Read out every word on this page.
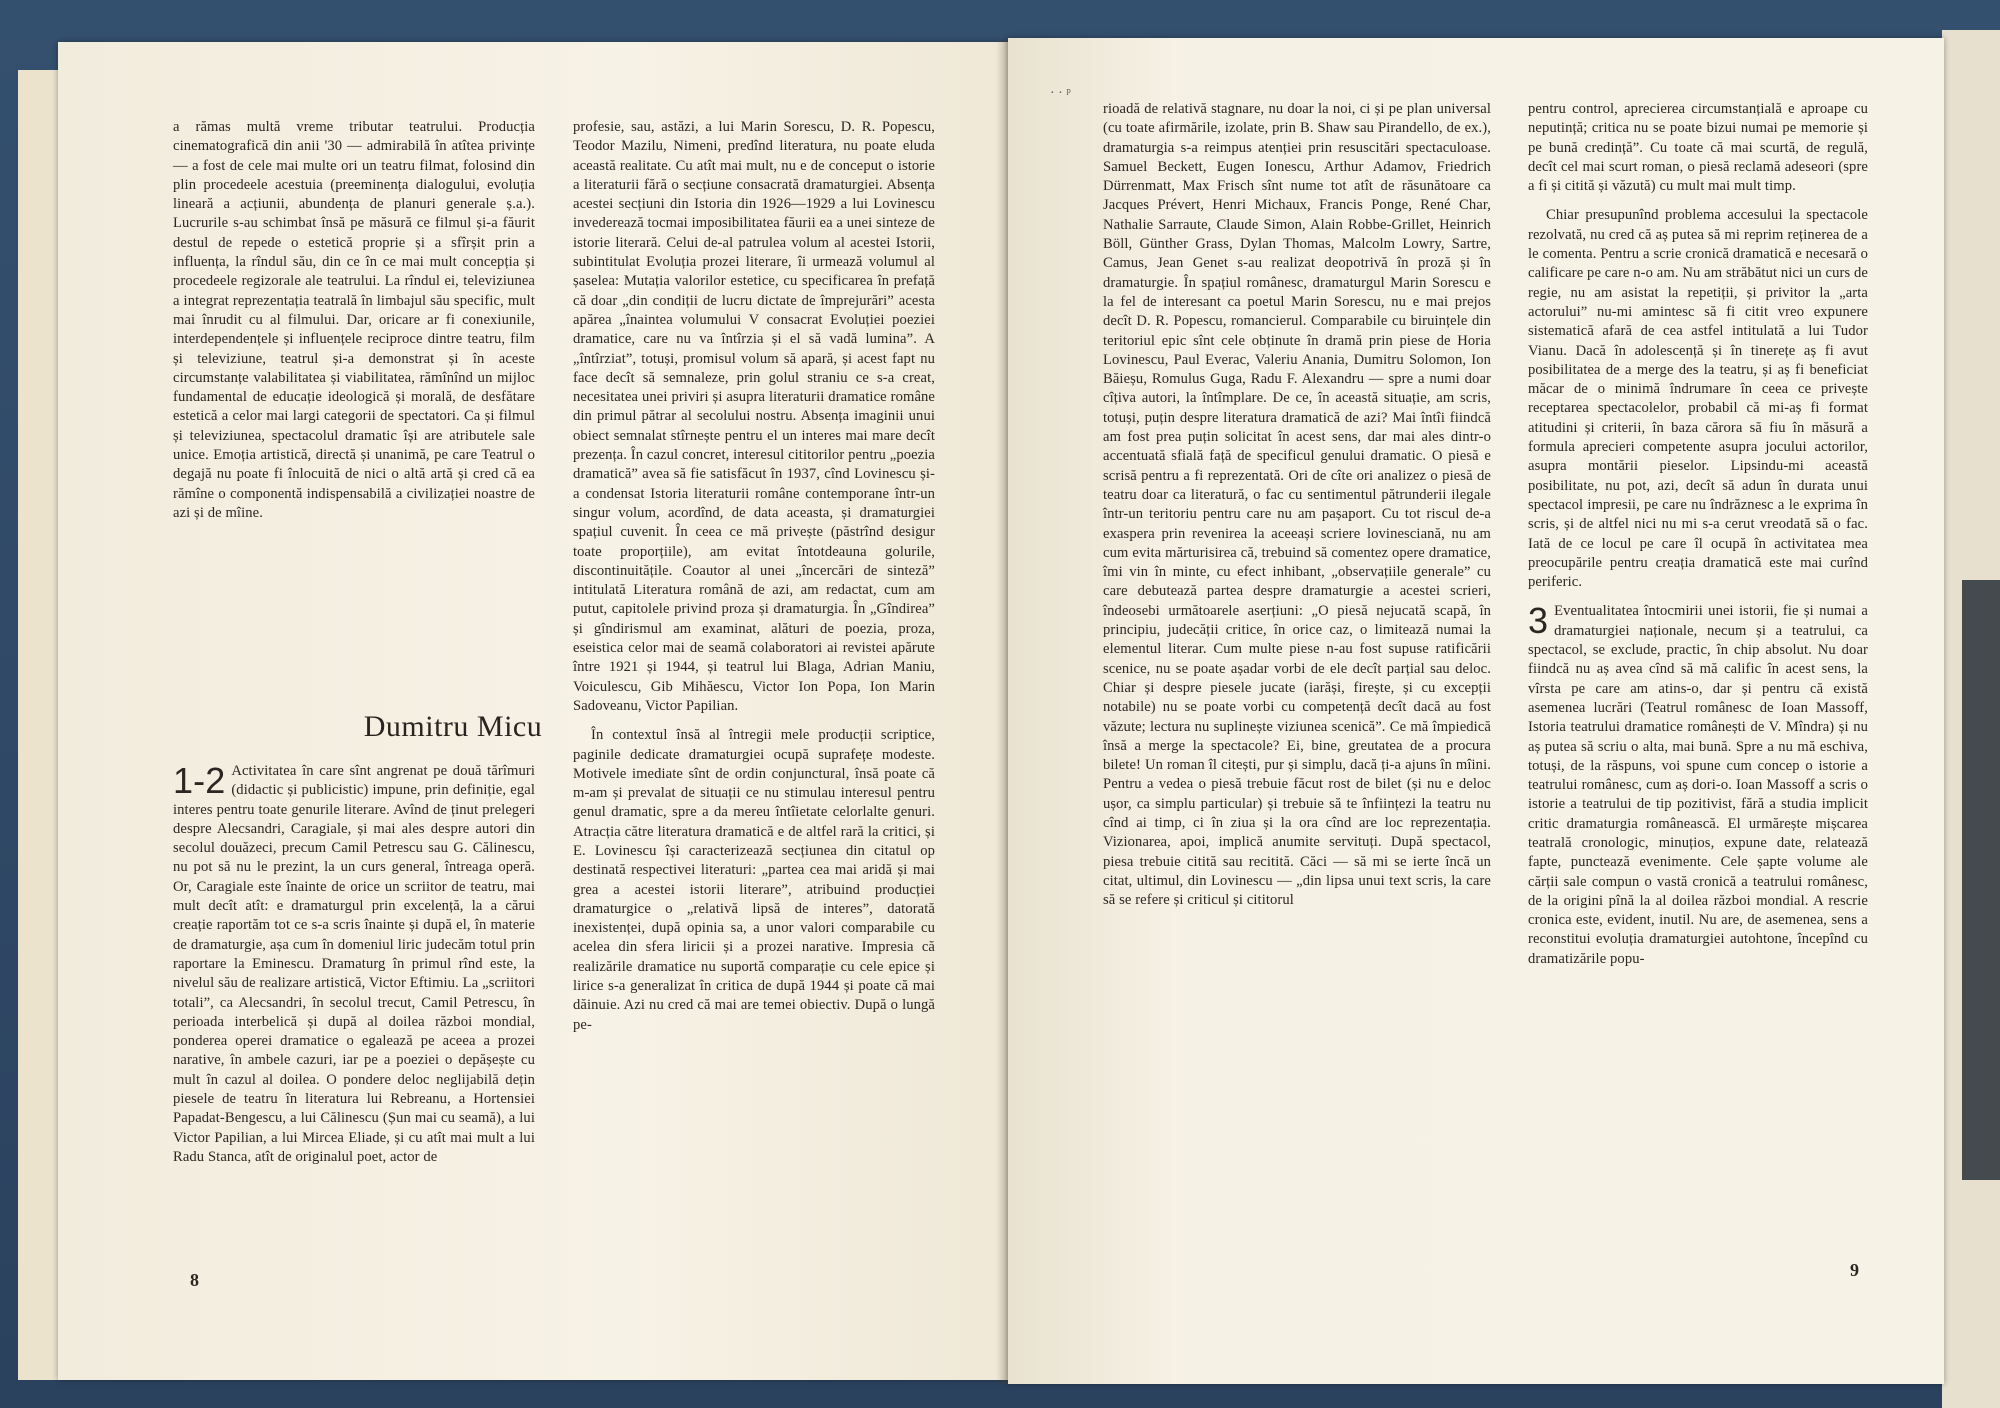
a rămas multă vreme tributar teatrului. Producția cinematografică din anii '30 — admirabilă în atîtea privințe — a fost de cele mai multe ori un teatru filmat, folosind din plin procedeele acestuia (preeminența dialogului, evoluția lineară a acțiunii, abundența de planuri generale ș.a.). Lucrurile s-au schimbat însă pe măsură ce filmul și-a făurit destul de repede o estetică proprie și a sfîrșit prin a influența, la rîndul său, din ce în ce mai mult concepția și procedeele regizorale ale teatrului. La rîndul ei, televiziunea a integrat reprezentația teatrală în limbajul său specific, mult mai înrudit cu al filmului. Dar, oricare ar fi conexiunile, interdependențele și influențele reciproce dintre teatru, film și televiziune, teatrul și-a demonstrat și în aceste circumstanțe valabilitatea și viabilitatea, rămînînd un mijloc fundamental de educație ideologică și morală, de desfătare estetică a celor mai largi categorii de spectatori. Ca și filmul și televiziunea, spectacolul dramatic își are atributele sale unice. Emoția artistică, directă și unanimă, pe care Teatrul o degajă nu poate fi înlocuită de nici o altă artă și cred că ea rămîne o componentă indispensabilă a civilizației noastre de azi și de mîine.

Dumitru Micu

1-2 Activitatea în care sînt angrenat pe două tărîmuri (didactic și publicistic) impune, prin definiție, egal interes pentru toate genurile literare. Avînd de ținut prelegeri despre Alecsandri, Caragiale, și mai ales despre autori din secolul douăzeci, precum Camil Petrescu sau G. Călinescu, nu pot să nu le prezint, la un curs general, întreaga operă. Or, Caragiale este înainte de orice un scriitor de teatru, mai mult decît atît: e dramaturgul prin excelență, la a cărui creație raportăm tot ce s-a scris înainte și după el, în materie de dramaturgie, așa cum în domeniul liric judecăm totul prin raportare la Eminescu. Dramaturg în primul rînd este, la nivelul său de realizare artistică, Victor Eftimiu. La „scriitori totali”, ca Alecsandri, în secolul trecut, Camil Petrescu, în perioada interbelică și după al doilea război mondial, ponderea operei dramatice o egalează pe aceea a prozei narative, în ambele cazuri, iar pe a poeziei o depășește cu mult în cazul al doilea. O pondere deloc neglijabilă dețin piesele de teatru în literatura lui Rebreanu, a Hortensiei Papadat-Bengescu, a lui Călinescu (Șun mai cu seamă), a lui Victor Papilian, a lui Mircea Eliade, și cu atît mai mult a lui Radu Stanca, atît de originalul poet, actor de

profesie, sau, astăzi, a lui Marin Sorescu, D. R. Popescu, Teodor Mazilu, Nimeni, predînd literatura, nu poate eluda această realitate. Cu atît mai mult, nu e de conceput o istorie a literaturii fără o secțiune consacrată dramaturgiei. Absența acestei secțiuni din Istoria din 1926—1929 a lui Lovinescu invederează tocmai imposibilitatea făurii ea a unei sinteze de istorie literară. Celui de-al patrulea volum al acestei Istorii, subintitulat Evoluția prozei literare, îi urmează volumul al șaselea: Mutația valorilor estetice, cu specificarea în prefață că doar „din condiții de lucru dictate de împrejurări” acesta apărea „înaintea volumului V consacrat Evoluției poeziei dramatice, care nu va întîrzia și el să vadă lumina”. A „întîrziat”, totuși, promisul volum să apară, și acest fapt nu face decît să semnaleze, prin golul straniu ce s-a creat, necesitatea unei priviri și asupra literaturii dramatice române din primul pătrar al secolului nostru. Absența imaginii unui obiect semnalat stîrnește pentru el un interes mai mare decît prezența. În cazul concret, interesul cititorilor pentru „poezia dramatică” avea să fie satisfăcut în 1937, cînd Lovinescu și-a condensat Istoria literaturii române contemporane într-un singur volum, acordînd, de data aceasta, și dramaturgiei spațiul cuvenit. În ceea ce mă privește (păstrînd desigur toate proporțiile), am evitat întotdeauna golurile, discontinuitățile. Coautor al unei „încercări de sinteză” intitulată Literatura română de azi, am redactat, cum am putut, capitolele privind proza și dramaturgia. În „Gîndirea” și gîndirismul am examinat, alături de poezia, proza, eseistica celor mai de seamă colaboratori ai revistei apărute între 1921 și 1944, și teatrul lui Blaga, Adrian Maniu, Voiculescu, Gib Mihăescu, Victor Ion Popa, Ion Marin Sadoveanu, Victor Papilian.

În contextul însă al întregii mele producții scriptice, paginile dedicate dramaturgiei ocupă suprafețe modeste. Motivele imediate sînt de ordin conjunctural, însă poate că m-am și prevalat de situații ce nu stimulau interesul pentru genul dramatic, spre a da mereu întîietate celorlalte genuri. Atracția către literatura dramatică e de altfel rară la critici, și E. Lovinescu își caracterizează secțiunea din citatul op destinată respectivei literaturi: „partea cea mai aridă și mai grea a acestei istorii literare”, atribuind producției dramaturgice o „relativă lipsă de interes”, datorată inexistenței, după opinia sa, a unor valori comparabile cu acelea din sfera liricii și a prozei narative. Impresia că realizările dramatice nu suportă comparație cu cele epice și lirice s-a generalizat în critica de după 1944 și poate că mai dăinuie. Azi nu cred că mai are temei obiectiv. După o lungă pe-

8
· · ᵖ

rioadă de relativă stagnare, nu doar la noi, ci și pe plan universal (cu toate afirmările, izolate, prin B. Shaw sau Pirandello, de ex.), dramaturgia s-a reimpus atenției prin resuscitări spectaculoase. Samuel Beckett, Eugen Ionescu, Arthur Adamov, Friedrich Dürrenmatt, Max Frisch sînt nume tot atît de răsunătoare ca Jacques Prévert, Henri Michaux, Francis Ponge, René Char, Nathalie Sarraute, Claude Simon, Alain Robbe-Grillet, Heinrich Böll, Günther Grass, Dylan Thomas, Malcolm Lowry, Sartre, Camus, Jean Genet s-au realizat deopotrivă în proză și în dramaturgie. În spațiul românesc, dramaturgul Marin Sorescu e la fel de interesant ca poetul Marin Sorescu, nu e mai prejos decît D. R. Popescu, romancierul. Comparabile cu biruințele din teritoriul epic sînt cele obținute în dramă prin piese de Horia Lovinescu, Paul Everac, Valeriu Anania, Dumitru Solomon, Ion Băieșu, Romulus Guga, Radu F. Alexandru — spre a numi doar cîțiva autori, la întîmplare. De ce, în această situație, am scris, totuși, puțin despre literatura dramatică de azi? Mai întîi fiindcă am fost prea puțin solicitat în acest sens, dar mai ales dintr-o accentuată sfială față de specificul genului dramatic. O piesă e scrisă pentru a fi reprezentată. Ori de cîte ori analizez o piesă de teatru doar ca literatură, o fac cu sentimentul pătrunderii ilegale într-un teritoriu pentru care nu am pașaport. Cu tot riscul de-a exaspera prin revenirea la aceeași scriere lovinesciană, nu am cum evita mărturisirea că, trebuind să comentez opere dramatice, îmi vin în minte, cu efect inhibant, „observațiile generale” cu care debutează partea despre dramaturgie a acestei scrieri, îndeosebi următoarele aserțiuni: „O piesă nejucată scapă, în principiu, judecății critice, în orice caz, o limitează numai la elementul literar. Cum multe piese n-au fost supuse ratificării scenice, nu se poate așadar vorbi de ele decît parțial sau deloc. Chiar și despre piesele jucate (iarăși, firește, și cu excepții notabile) nu se poate vorbi cu competență decît dacă au fost văzute; lectura nu suplinește viziunea scenică”. Ce mă împiedică însă a merge la spectacole? Ei, bine, greutatea de a procura bilete! Un roman îl citești, pur și simplu, dacă ți-a ajuns în mîini. Pentru a vedea o piesă trebuie făcut rost de bilet (și nu e deloc ușor, ca simplu particular) și trebuie să te înființezi la teatru nu cînd ai timp, ci în ziua și la ora cînd are loc reprezentația. Vizionarea, apoi, implică anumite servituți. După spectacol, piesa trebuie citită sau recitită. Căci — să mi se ierte încă un citat, ultimul, din Lovinescu — „din lipsa unui text scris, la care să se refere și criticul și cititorul

pentru control, aprecierea circumstanțială e aproape cu neputință; critica nu se poate bizui numai pe memorie și pe bună credință”. Cu toate că mai scurtă, de regulă, decît cel mai scurt roman, o piesă reclamă adeseori (spre a fi și citită și văzută) cu mult mai mult timp.

Chiar presupunînd problema accesului la spectacole rezolvată, nu cred că aș putea să mi reprim reținerea de a le comenta. Pentru a scrie cronică dramatică e necesară o calificare pe care n-o am. Nu am străbătut nici un curs de regie, nu am asistat la repetiții, și privitor la „arta actorului” nu-mi amintesc să fi citit vreo expunere sistematică afară de cea astfel intitulată a lui Tudor Vianu. Dacă în adolescență și în tinerețe aș fi avut posibilitatea de a merge des la teatru, și aș fi beneficiat măcar de o minimă îndrumare în ceea ce privește receptarea spectacolelor, probabil că mi-aș fi format atitudini și criterii, în baza cărora să fiu în măsură a formula aprecieri competente asupra jocului actorilor, asupra montării pieselor. Lipsindu-mi această posibilitate, nu pot, azi, decît să adun în durata unui spectacol impresii, pe care nu îndrăznesc a le exprima în scris, și de altfel nici nu mi s-a cerut vreodată să o fac. Iată de ce locul pe care îl ocupă în activitatea mea preocupările pentru creația dramatică este mai curînd periferic.

3 Eventualitatea întocmirii unei istorii, fie și numai a dramaturgiei naționale, necum și a teatrului, ca spectacol, se exclude, practic, în chip absolut. Nu doar fiindcă nu aș avea cînd să mă calific în acest sens, la vîrsta pe care am atins-o, dar și pentru că există asemenea lucrări (Teatrul românesc de Ioan Massoff, Istoria teatrului dramatice românești de V. Mîndra) și nu aș putea să scriu o alta, mai bună. Spre a nu mă eschiva, totuși, de la răspuns, voi spune cum concep o istorie a teatrului românesc, cum aș dori-o. Ioan Massoff a scris o istorie a teatrului de tip pozitivist, fără a studia implicit critic dramaturgia românească. El urmărește mișcarea teatrală cronologic, minuțios, expune date, relatează fapte, punctează evenimente. Cele șapte volume ale cărții sale compun o vastă cronică a teatrului românesc, de la origini pînă la al doilea război mondial. A rescrie cronica este, evident, inutil. Nu are, de asemenea, sens a reconstitui evoluția dramaturgiei autohtone, începînd cu dramatizările popu-

9
